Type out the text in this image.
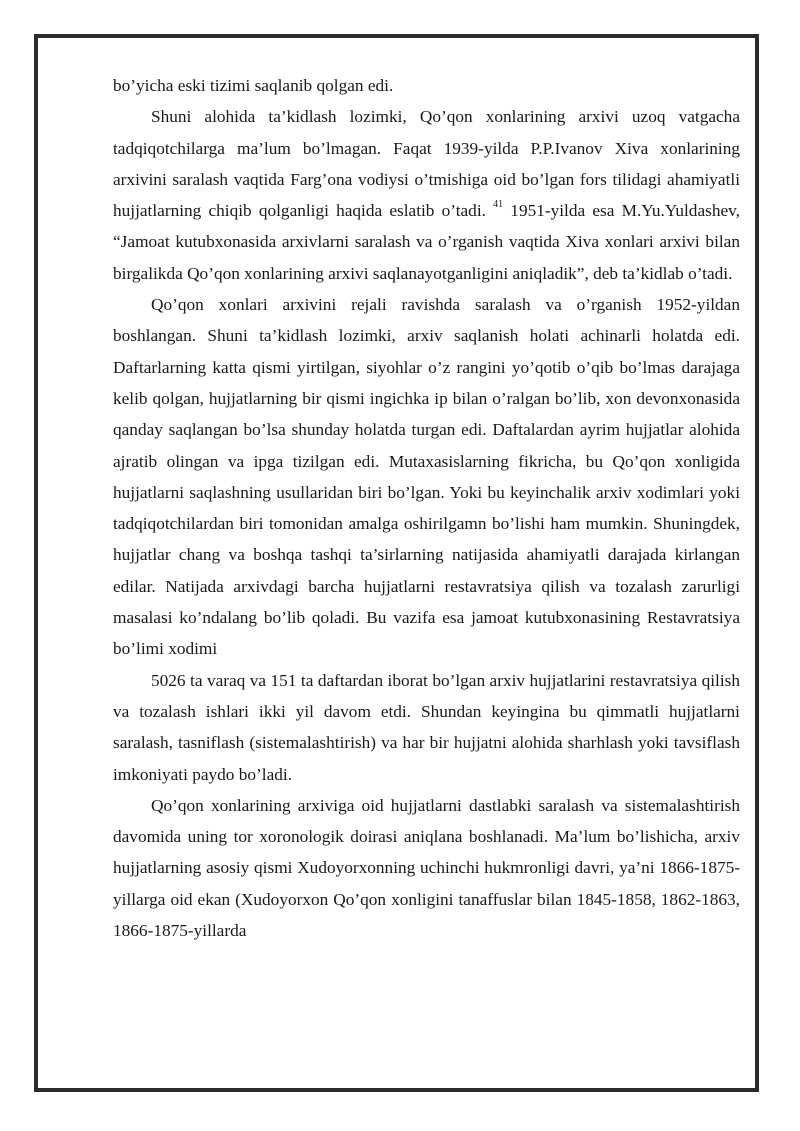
bo’yicha eski tizimi saqlanib qolgan edi.

Shuni alohida ta’kidlash lozimki, Qo’qon xonlarining arxivi uzoq vatgacha tadqiqotchilarga ma’lum bo’lmagan. Faqat 1939-yilda P.P.Ivanov Xiva xonlarining arxivini saralash vaqtida Farg’ona vodiysi o’tmishiga oid bo’lgan fors tilidagi ahamiyatli hujjatlarning chiqib qolganligi haqida eslatib o’tadi. $^{41}$ 1951-yilda esa M.Yu.Yuldashev, “Jamoat kutubxonasida arxivlarni saralash va o’rganish vaqtida Xiva xonlari arxivi bilan birgalikda Qo’qon xonlarining arxivi saqlanayotganligini aniqladik”, deb ta’kidlab o’tadi.

Qo’qon xonlari arxivini rejali ravishda saralash va o’rganish 1952-yildan boshlangan. Shuni ta’kidlash lozimki, arxiv saqlanish holati achinarli holatda edi. Daftarlarning katta qismi yirtilgan, siyohlar o’z rangini yo’qotib o’qib bo’lmas darajaga kelib qolgan, hujjatlarning bir qismi ingichka ip bilan o’ralgan bo’lib, xon devonxonasida qanday saqlangan bo’lsa shunday holatda turgan edi. Daftalardan ayrim hujjatlar alohida ajratib olingan va ipga tizilgan edi. Mutaxasislarning fikricha, bu Qo’qon xonligida hujjatlarni saqlashning usullaridan biri bo’lgan. Yoki bu keyinchalik arxiv xodimlari yoki tadqiqotchilardan biri tomonidan amalga oshirilgamn bo’lishi ham mumkin. Shuningdek, hujjatlar chang va boshqa tashqi ta’sirlarning natijasida ahamiyatli darajada kirlangan edilar. Natijada arxivdagi barcha hujjatlarni restavratsiya qilish va tozalash zarurligi masalasi ko’ndalang bo’lib qoladi. Bu vazifa esa jamoat kutubxonasining Restavratsiya bo’limi xodimi

5026 ta varaq va 151 ta daftardan iborat bo’lgan arxiv hujjatlarini restavratsiya qilish va tozalash ishlari ikki yil davom etdi. Shundan keyingina bu qimmatli hujjatlarni saralash, tasniflash (sistemalashtirish) va har bir hujjatni alohida sharhlash yoki tavsiflash imkoniyati paydo bo’ladi.

Qo’qon xonlarining arxiviga oid hujjatlarni dastlabki saralash va sistemalashtirish davomida uning tor xoronologik doirasi aniqlana boshlanadi. Ma’lum bo’lishicha, arxiv hujjatlarning asosiy qismi Xudoyorxonning uchinchi hukmronligi davri, ya’ni 1866-1875-yillarga oid ekan (Xudoyorxon Qo’qon xonligini tanaffuslar bilan 1845-1858, 1862-1863, 1866-1875-yillarda
